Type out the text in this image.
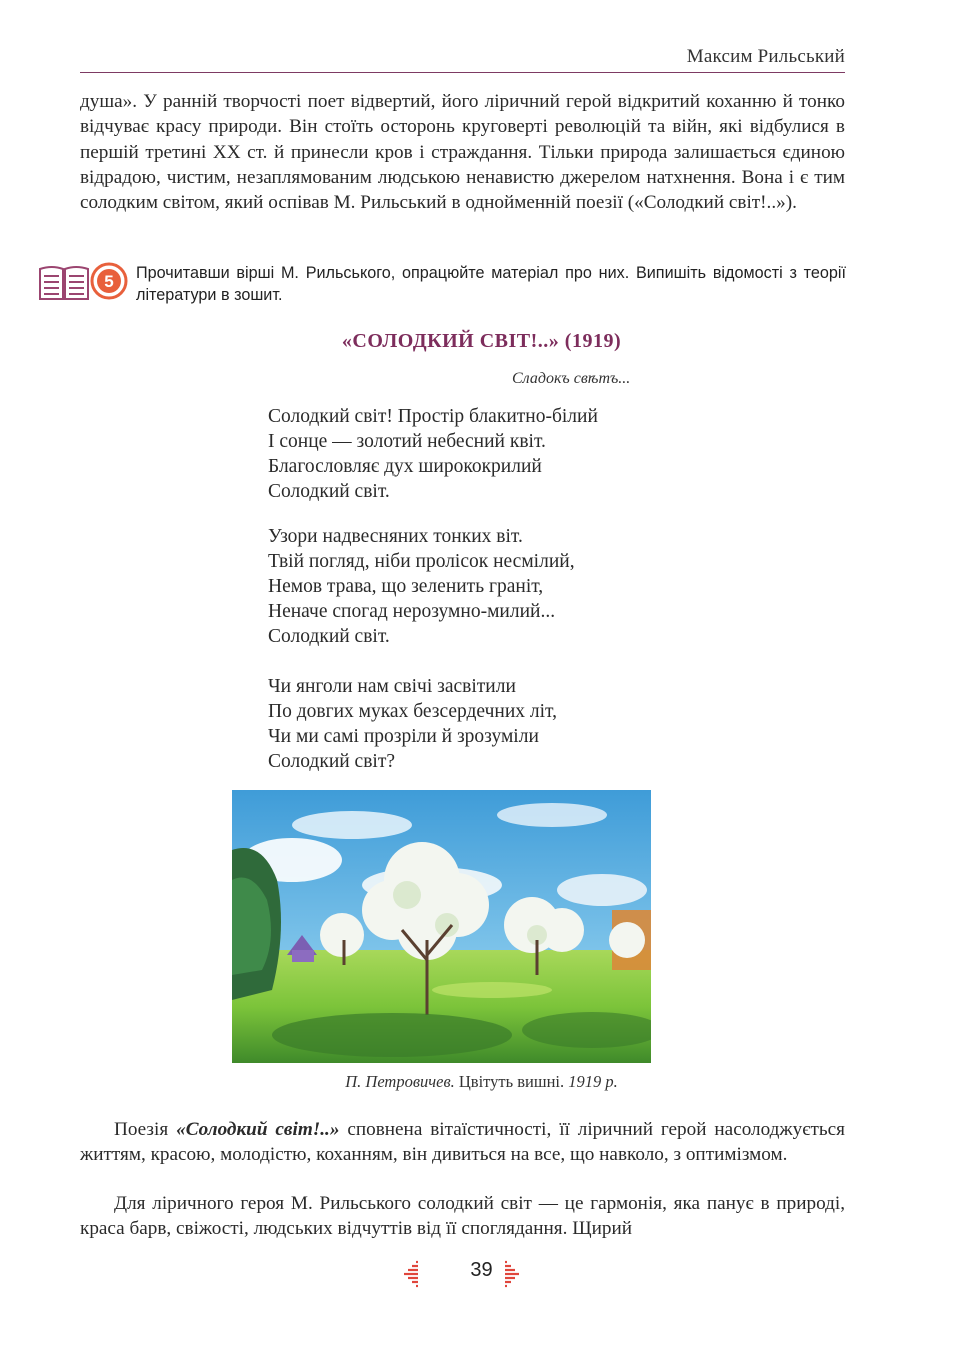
Максим Рильський
душа». У ранній творчості поет відвертий, його ліричний герой відкритий коханню й тонко відчуває красу природи. Він стоїть осторонь круговерті революцій та війн, які відбулися в першій третині XX ст. й принесли кров і страждання. Тільки природа залишається єдиною відрадою, чистим, незаплямованим людською ненавистю джерелом натхнення. Вона і є тим солодким світом, який оспівав М. Рильський в однойменній поезії («Солодкий світ!..»).
5 Прочитавши вірші М. Рильського, опрацюйте матеріал про них. Випишіть відомості з теорії літератури в зошит.
«СОЛОДКИЙ СВІТ!..» (1919)
Сладокъ свѣтъ...
Солодкий світ! Простір блакитно-білий
І сонце — золотий небесний квіт.
Благословляє дух ширококрилий
Солодкий світ.
Узори надвесняних тонких віт.
Твій погляд, ніби пролісок несмілий,
Немов трава, що зеленить граніт,
Неначе спогад нерозумно-милий...
Солодкий світ.
Чи янголи нам свічі засвітили
По довгих муках безсердечних літ,
Чи ми самі прозріли й зрозуміли
Солодкий світ?
П. Петровичев. Цвітуть вишні. 1919 р.
Поезія «Солодкий світ!..» сповнена вітаїстичності, її ліричний герой насолоджується життям, красою, молодістю, коханням, він дивиться на все, що навколо, з оптимізмом.
Для ліричного героя М. Рильського солодкий світ — це гармонія, яка панує в природі, краса барв, свіжості, людських відчуттів від її споглядання. Щирий
39
